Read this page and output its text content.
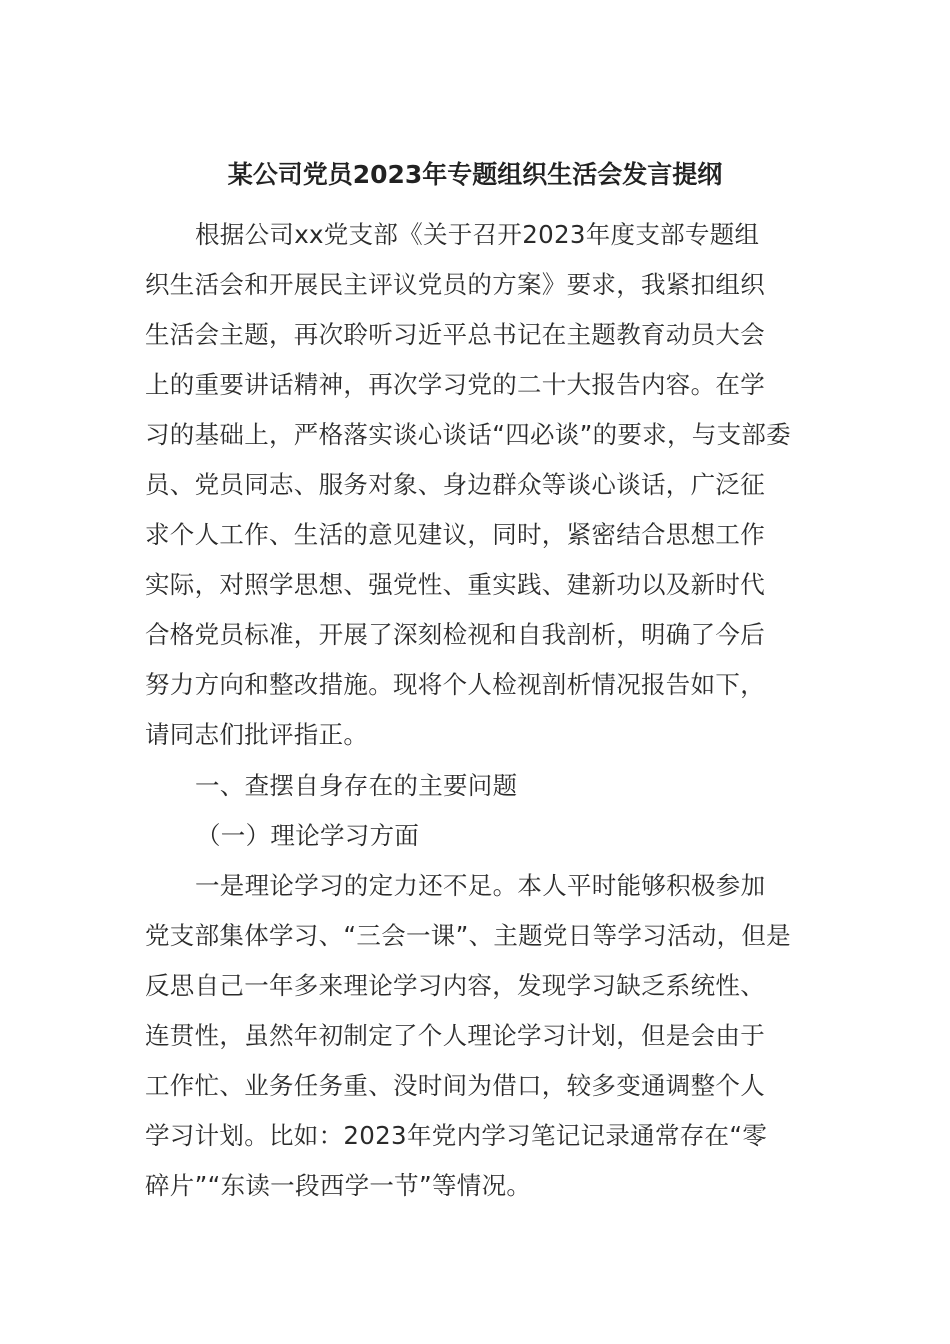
某公司党员2023年专题组织生活会发言提纲
根据公司xx党支部《关于召开2023年度支部专题组
织生活会和开展民主评议党员的方案》要求，我紧扣组织
生活会主题，再次聆听习近平总书记在主题教育动员大会
上的重要讲话精神，再次学习党的二十大报告内容。在学
习的基础上，严格落实谈心谈话“四必谈”的要求，与支部委
员、党员同志、服务对象、身边群众等谈心谈话，广泛征
求个人工作、生活的意见建议，同时，紧密结合思想工作
实际，对照学思想、强党性、重实践、建新功以及新时代
合格党员标准，开展了深刻检视和自我剖析，明确了今后
努力方向和整改措施。现将个人检视剖析情况报告如下，
请同志们批评指正。
一、查摆自身存在的主要问题
（一）理论学习方面
一是理论学习的定力还不足。本人平时能够积极参加
党支部集体学习、“三会一课”、主题党日等学习活动，但是
反思自己一年多来理论学习内容，发现学习缺乏系统性、
连贯性，虽然年初制定了个人理论学习计划，但是会由于
工作忙、业务任务重、没时间为借口，较多变通调整个人
学习计划。比如：2023年党内学习笔记记录通常存在“零
碎片”“东读一段西学一节”等情况。
